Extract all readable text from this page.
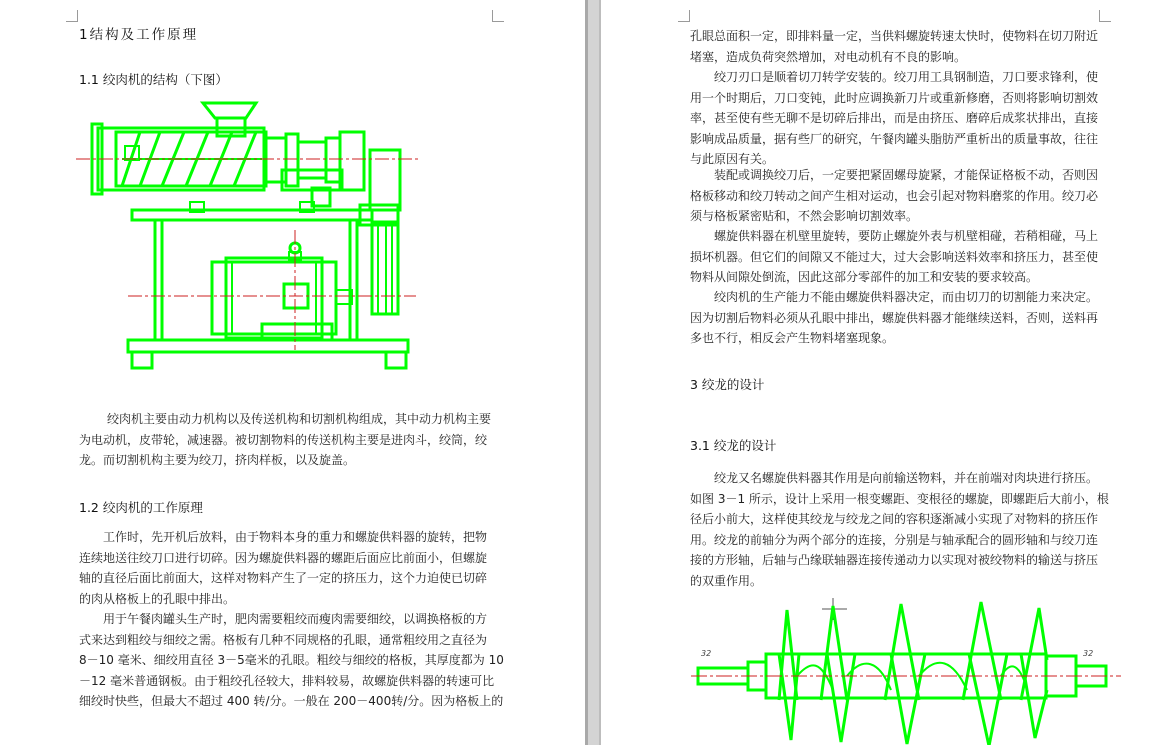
1结构及工作原理
1.1 绞肉机的结构（下图）

绞肉机主要由动力机构以及传送机构和切割机构组成，其中动力机构主要

为电动机，皮带轮，减速器。被切割物料的传送机构主要是进肉斗，绞筒，绞

龙。而切割机构主要为绞刀，挤肉样板，以及旋盖。

1.2 绞肉机的工作原理

工作时，先开机后放料，由于物料本身的重力和螺旋供料器的旋转，把物

连续地送往绞刀口进行切碎。因为螺旋供料器的螺距后面应比前面小，但螺旋

轴的直径后面比前面大，这样对物料产生了一定的挤压力，这个力迫使已切碎

的肉从格板上的孔眼中排出。

用于午餐肉罐头生产时，肥肉需要粗绞而瘦肉需要细绞，以调换格板的方

式来达到粗绞与细绞之需。格板有几种不同规格的孔眼，通常粗绞用之直径为

8－10 毫米、细绞用直径 3－5毫米的孔眼。粗绞与细绞的格板，其厚度都为 10

－12 毫米普通钢板。由于粗绞孔径较大，排料较易，故螺旋供料器的转速可比

细绞时快些，但最大不超过 400 转/分。一般在 200－400转/分。因为格板上的

孔眼总面积一定，即排料量一定，当供料螺旋转速太快时，使物料在切刀附近

堵塞，造成负荷突然增加，对电动机有不良的影响。

绞刀刃口是顺着切刀转学安装的。绞刀用工具钢制造，刀口要求锋利，使

用一个时期后，刀口变钝，此时应调换新刀片或重新修磨，否则将影响切割效

率，甚至使有些无聊不是切碎后排出，而是由挤压、磨碎后成浆状排出，直接

影响成品质量，据有些厂的研究，午餐肉罐头脂肪严重析出的质量事故，往往

与此原因有关。

装配或调换绞刀后，一定要把紧固螺母旋紧，才能保证格板不动，否则因

格板移动和绞刀转动之间产生相对运动，也会引起对物料磨浆的作用。绞刀必

须与格板紧密贴和，不然会影响切割效率。

螺旋供料器在机壁里旋转，要防止螺旋外表与机壁相碰，若稍相碰，马上

损坏机器。但它们的间隙又不能过大，过大会影响送料效率和挤压力，甚至使

物料从间隙处倒流，因此这部分零部件的加工和安装的要求较高。

绞肉机的生产能力不能由螺旋供料器决定，而由切刀的切割能力来决定。

因为切割后物料必须从孔眼中排出，螺旋供料器才能继续送料，否则，送料再

多也不行，相反会产生物料堵塞现象。

3 绞龙的设计
3.1 绞龙的设计

绞龙又名螺旋供料器其作用是向前输送物料，并在前端对肉块进行挤压。

如图 3－1 所示，设计上采用一根变螺距、变根径的螺旋，即螺距后大前小，根

径后小前大，这样使其绞龙与绞龙之间的容积逐渐减小实现了对物料的挤压作

用。绞龙的前轴分为两个部分的连接，分别是与轴承配合的圆形轴和与绞刀连

接的方形轴，后轴与凸缘联轴器连接传递动力以实现对被绞物料的输送与挤压

的双重作用。

32	32
